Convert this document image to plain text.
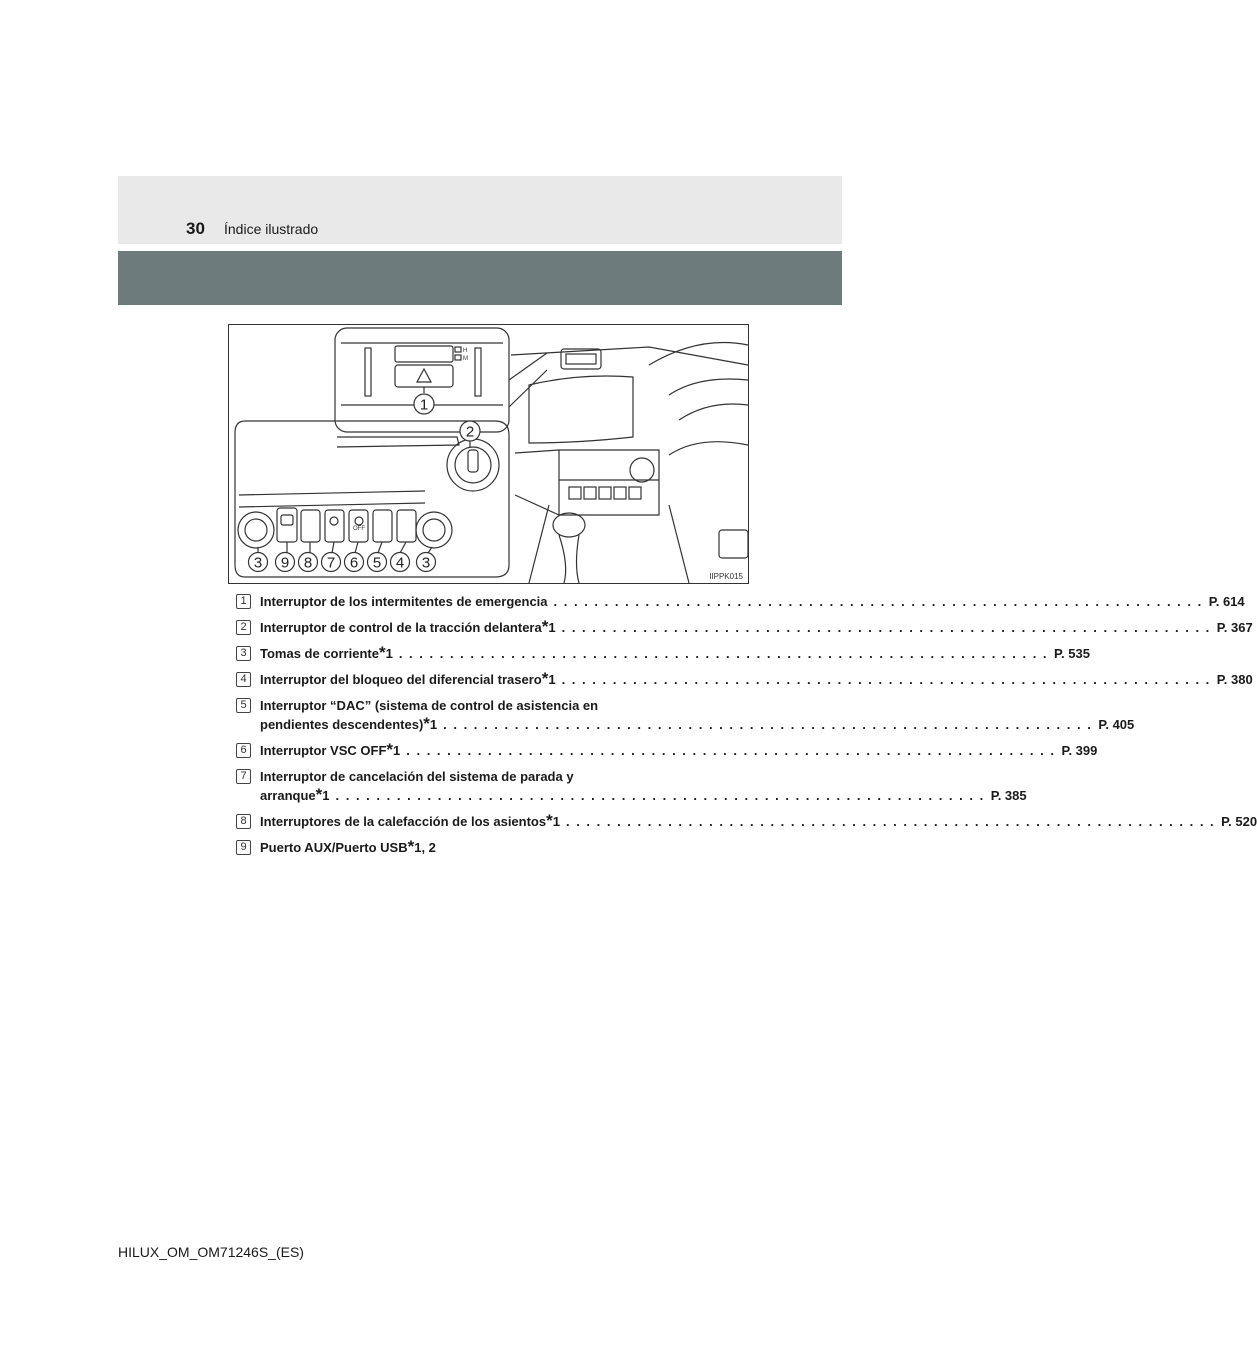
30 Índice ilustrado
1
2
3 9 8 7 6 5 4 3
H
M
OFF
IIPPK015
1	Interruptor de los intermitentes de emergencia . . . . . . . . . . . . . . . . . . . . . . . . . . . . . . . . . . . . . . . . . . . . . . . . . . . . . . . . . . . . . . . . P. 614
2	Interruptor de control de la tracción delantera *1 . . . . . . . . . . . . . . . . . . . . . . . . . . . . . . . . . . . . . . . . . . . . . . . . . . . . . . . . . . . . . . . . P. 367
3	Tomas de corriente *1 . . . . . . . . . . . . . . . . . . . . . . . . . . . . . . . . . . . . . . . . . . . . . . . . . . . . . . . . . . . . . . . . P. 535
4	Interruptor del bloqueo del diferencial trasero *1 . . . . . . . . . . . . . . . . . . . . . . . . . . . . . . . . . . . . . . . . . . . . . . . . . . . . . . . . . . . . . . . . P. 380
5	Interruptor “DAC” (sistema de control de asistencia en
pendientes descendentes) *1 . . . . . . . . . . . . . . . . . . . . . . . . . . . . . . . . . . . . . . . . . . . . . . . . . . . . . . . . . . . . . . . . P. 405
6	Interruptor VSC OFF *1 . . . . . . . . . . . . . . . . . . . . . . . . . . . . . . . . . . . . . . . . . . . . . . . . . . . . . . . . . . . . . . . . P. 399
7	Interruptor de cancelación del sistema de parada y
arranque *1 . . . . . . . . . . . . . . . . . . . . . . . . . . . . . . . . . . . . . . . . . . . . . . . . . . . . . . . . . . . . . . . . P. 385
8	Interruptores de la calefacción de los asientos *1 . . . . . . . . . . . . . . . . . . . . . . . . . . . . . . . . . . . . . . . . . . . . . . . . . . . . . . . . . . . . . . . . P. 520
9	Puerto AUX/Puerto USB *1, 2
HILUX_OM_OM71246S_(ES)
